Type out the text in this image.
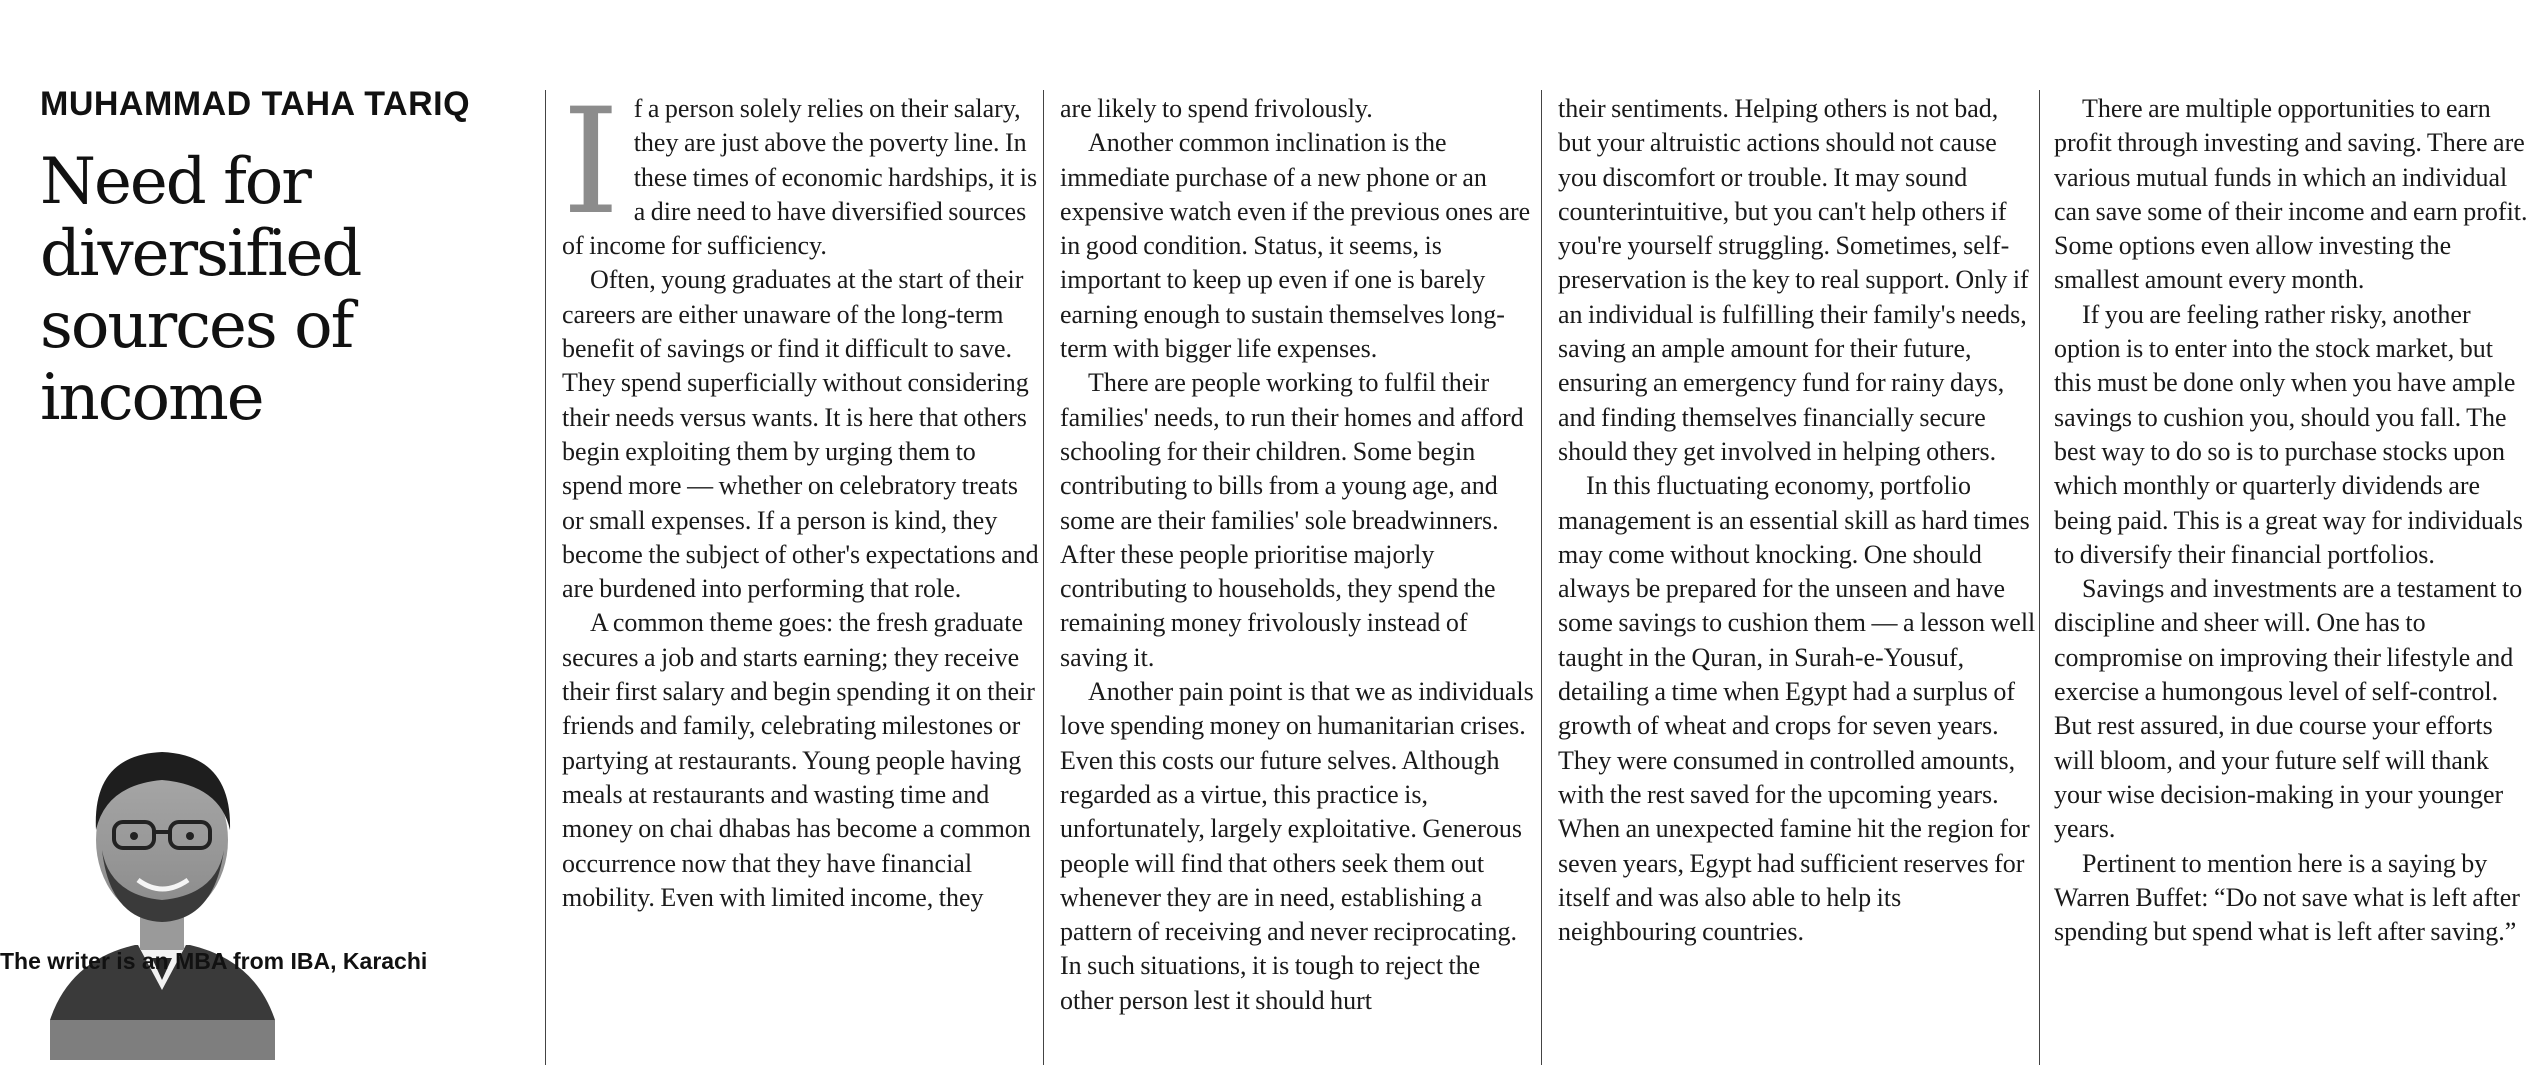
MUHAMMAD TAHA TARIQ
Need for diversified sources of income
The writer is an MBA from IBA, Karachi

If a person solely relies on their salary, they are just above the poverty line. In these times of economic hardships, it is a dire need to have diversified sources of income for sufficiency.

Often, young graduates at the start of their careers are either unaware of the long-term benefit of savings or find it difficult to save. They spend superficially without considering their needs versus wants. It is here that others begin exploiting them by urging them to spend more — whether on celebratory treats or small expenses. If a person is kind, they become the subject of other's expectations and are burdened into performing that role.

A common theme goes: the fresh graduate secures a job and starts earning; they receive their first salary and begin spending it on their friends and family, celebrating milestones or partying at restaurants. Young people having meals at restaurants and wasting time and money on chai dhabas has become a common occurrence now that they have financial mobility. Even with limited income, they

are likely to spend frivolously.

Another common inclination is the immediate purchase of a new phone or an expensive watch even if the previous ones are in good condition. Status, it seems, is important to keep up even if one is barely earning enough to sustain themselves long-term with bigger life expenses.

There are people working to fulfil their families' needs, to run their homes and afford schooling for their children. Some begin contributing to bills from a young age, and some are their families' sole breadwinners. After these people prioritise majorly contributing to households, they spend the remaining money frivolously instead of saving it.

Another pain point is that we as individuals love spending money on humanitarian crises. Even this costs our future selves. Although regarded as a virtue, this practice is, unfortunately, largely exploitative. Generous people will find that others seek them out whenever they are in need, establishing a pattern of receiving and never reciprocating. In such situations, it is tough to reject the other person lest it should hurt

their sentiments. Helping others is not bad, but your altruistic actions should not cause you discomfort or trouble. It may sound counterintuitive, but you can't help others if you're yourself struggling. Sometimes, self-preservation is the key to real support. Only if an individual is fulfilling their family's needs, saving an ample amount for their future, ensuring an emergency fund for rainy days, and finding themselves financially secure should they get involved in helping others.

In this fluctuating economy, portfolio management is an essential skill as hard times may come without knocking. One should always be prepared for the unseen and have some savings to cushion them — a lesson well taught in the Quran, in Surah-e-Yousuf, detailing a time when Egypt had a surplus of growth of wheat and crops for seven years. They were consumed in controlled amounts, with the rest saved for the upcoming years. When an unexpected famine hit the region for seven years, Egypt had sufficient reserves for itself and was also able to help its neighbouring countries.

There are multiple opportunities to earn profit through investing and saving. There are various mutual funds in which an individual can save some of their income and earn profit. Some options even allow investing the smallest amount every month.

If you are feeling rather risky, another option is to enter into the stock market, but this must be done only when you have ample savings to cushion you, should you fall. The best way to do so is to purchase stocks upon which monthly or quarterly dividends are being paid. This is a great way for individuals to diversify their financial portfolios.

Savings and investments are a testament to discipline and sheer will. One has to compromise on improving their lifestyle and exercise a humongous level of self-control. But rest assured, in due course your efforts will bloom, and your future self will thank your wise decision-making in your younger years.

Pertinent to mention here is a saying by Warren Buffet: “Do not save what is left after spending but spend what is left after saving.”
